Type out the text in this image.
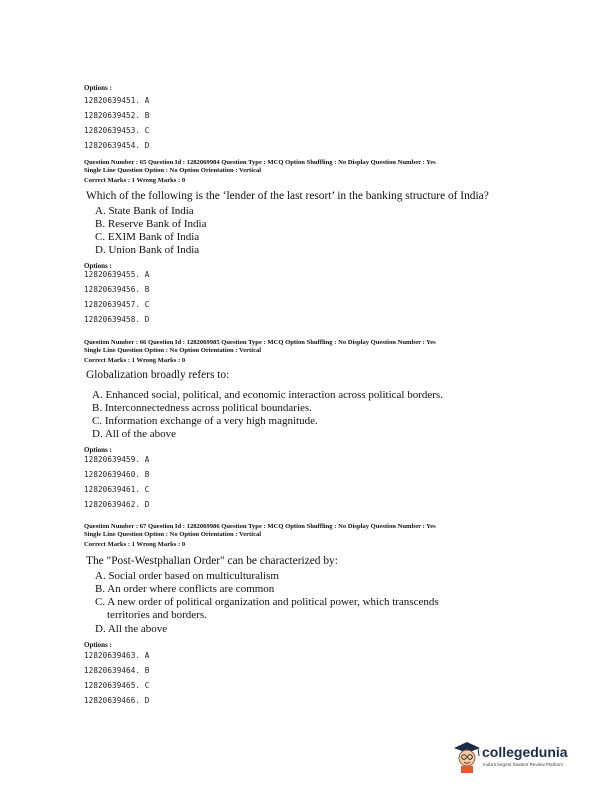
Options :
12820639451. A
12820639452. B
12820639453. C
12820639454. D
Question Number : 65 Question Id : 1282069984 Question Type : MCQ Option Shuffling : No Display Question Number : Yes
Single Line Question Option : No Option Orientation : Vertical
Correct Marks : 1 Wrong Marks : 0
Which of the following is the ‘lender of the last resort’ in the banking structure of India?
A. State Bank of India
B. Reserve Bank of India
C. EXIM Bank of India
D. Union Bank of India
Options :
12820639455. A
12820639456. B
12820639457. C
12820639458. D
Question Number : 66 Question Id : 1282069985 Question Type : MCQ Option Shuffling : No Display Question Number : Yes
Single Line Question Option : No Option Orientation : Vertical
Correct Marks : 1 Wrong Marks : 0
Globalization broadly refers to:
A. Enhanced social, political, and economic interaction across political borders.
B. Interconnectedness across political boundaries.
C. Information exchange of a very high magnitude.
D. All of the above
Options :
12820639459. A
12820639460. B
12820639461. C
12820639462. D
Question Number : 67 Question Id : 1282069986 Question Type : MCQ Option Shuffling : No Display Question Number : Yes
Single Line Question Option : No Option Orientation : Vertical
Correct Marks : 1 Wrong Marks : 0
The "Post-Westphalian Order" can be characterized by:
A. Social order based on multiculturalism
B. An order where conflicts are common
C. A new order of political organization and political power, which transcends
territories and borders.
D. All the above
Options :
12820639463. A
12820639464. B
12820639465. C
12820639466. D
collegedunia
India's largest Student Review Platform
